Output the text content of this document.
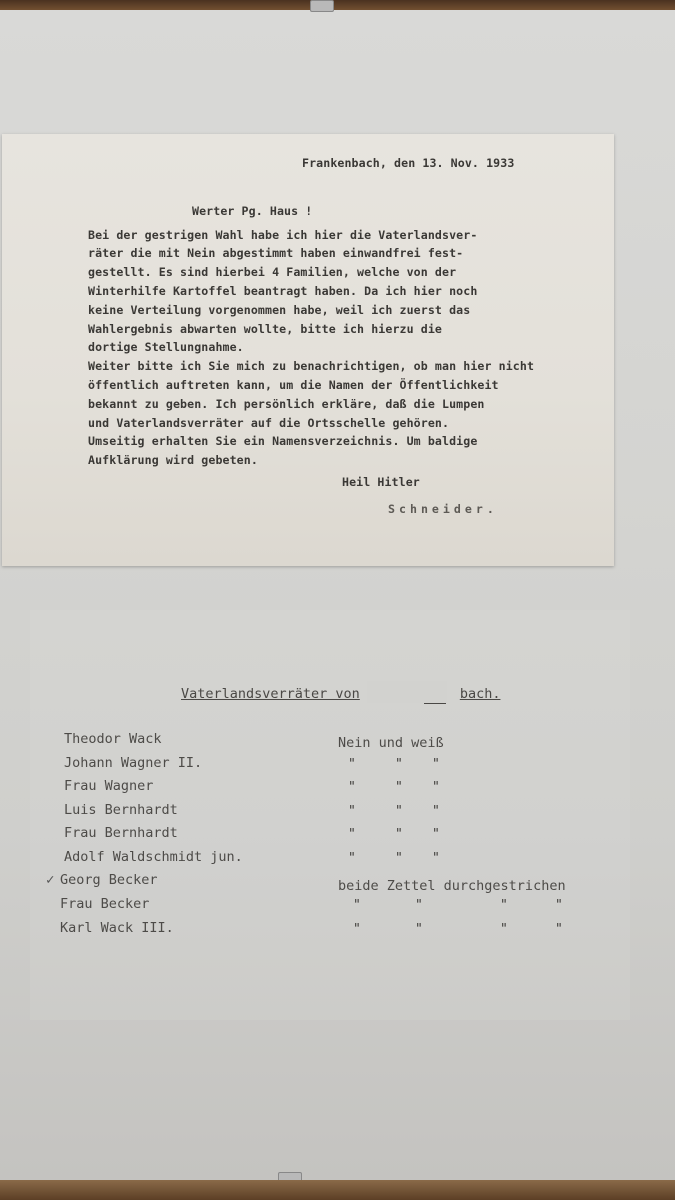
Frankenbach, den 13. Nov. 1933
Werter Pg. Haus !
Bei der gestrigen Wahl habe ich hier die Vaterlandsver-
räter die mit Nein abgestimmt haben einwandfrei fest-
gestellt. Es sind hierbei 4 Familien, welche von der
Winterhilfe Kartoffel beantragt haben. Da ich hier noch
keine Verteilung vorgenommen habe, weil ich zuerst das
Wahlergebnis abwarten wollte, bitte ich hierzu die
dortige Stellungnahme.
Weiter bitte ich Sie mich zu benachrichtigen, ob man hier nicht
öffentlich auftreten kann, um die Namen der Öffentlichkeit
bekannt zu geben. Ich persönlich erkläre, daß die Lumpen
und Vaterlandsverräter auf die Ortsschelle gehören.
Umseitig erhalten Sie ein Namensverzeichnis. Um baldige
Aufklärung wird gebeten.
Heil Hitler
Schneider.
Vaterlandsverräter von	bach.
Theodor Wack	Nein und weiß
Johann Wagner II.	"	" "
Frau Wagner	"	" "
Luis Bernhardt	"	" "
Frau Bernhardt	"	" "
Adolf Waldschmidt jun.	"	" "
✓ Georg Becker	beide Zettel durchgestrichen
Frau Becker	"	"	"	"
Karl Wack III.	"	"	"	"
